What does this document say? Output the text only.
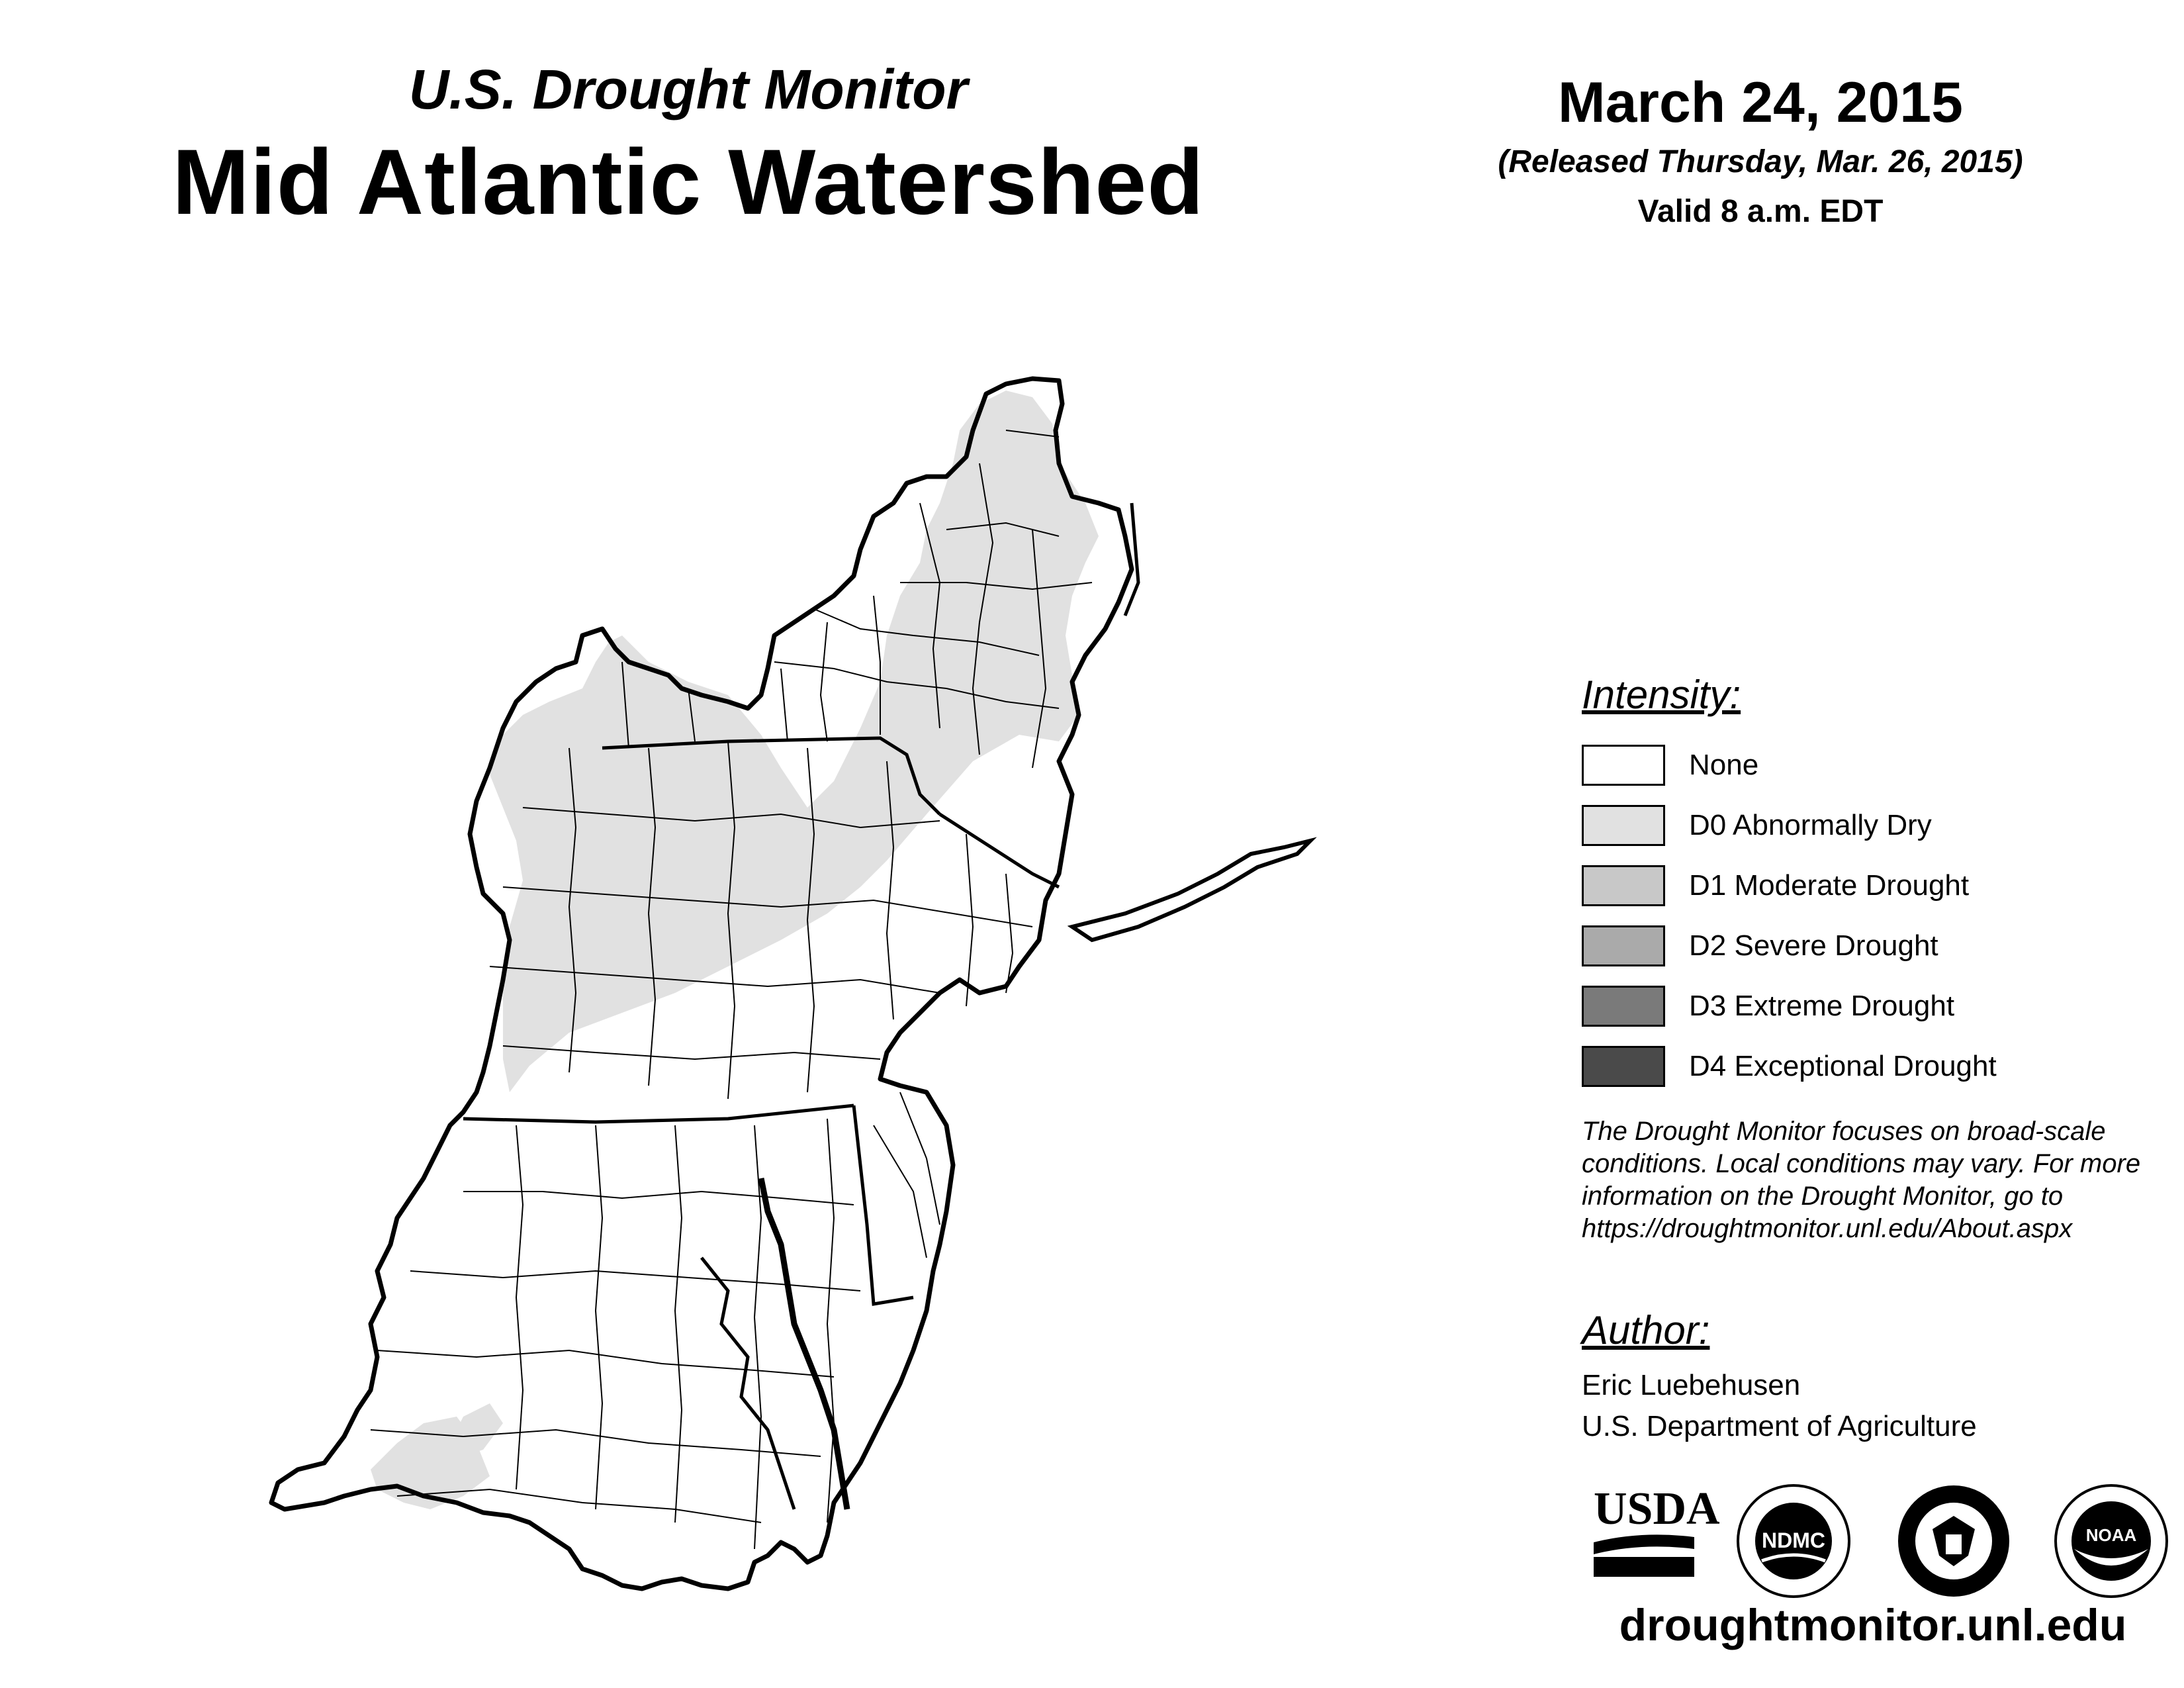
U.S. Drought Monitor
Mid Atlantic Watershed
March 24, 2015
(Released Thursday, Mar. 26, 2015)
Valid 8 a.m. EDT
Intensity:
None
D0 Abnormally Dry
D1 Moderate Drought
D2 Severe Drought
D3 Extreme Drought
D4 Exceptional Drought
The Drought Monitor focuses on broad-scale conditions. Local conditions may vary. For more information on the Drought Monitor, go to https://droughtmonitor.unl.edu/About.aspx
Author:
Eric Luebehusen
U.S. Department of Agriculture
USDA
NDMC	NOAA
droughtmonitor.unl.edu
